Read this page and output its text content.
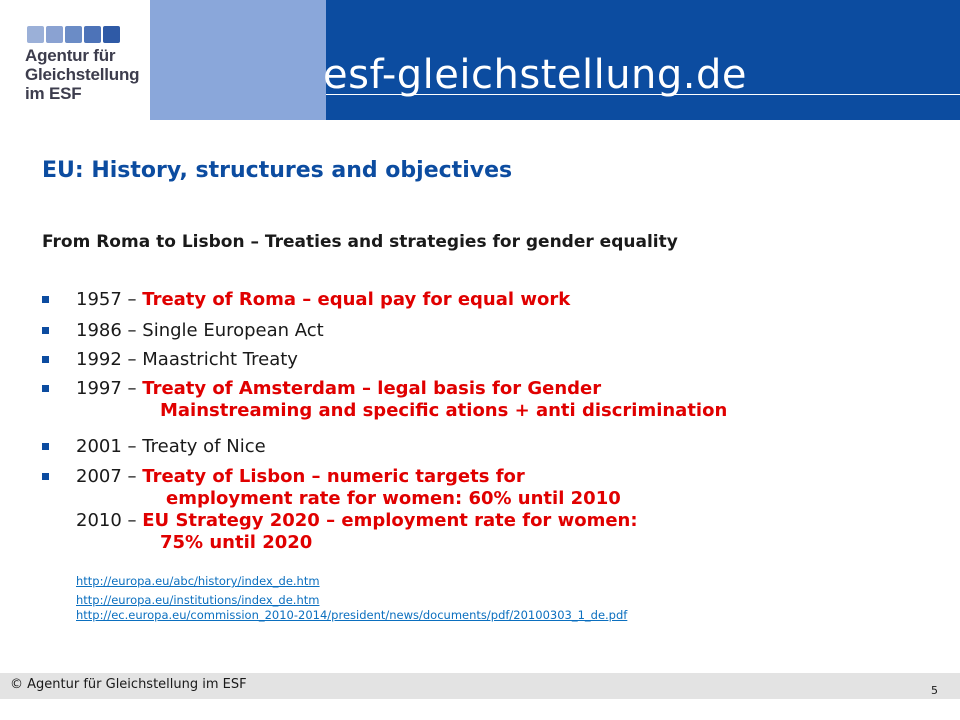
Agentur für
Gleichstellung
im ESF	esf-gleichstellung.de
EU: History, structures and objectives
From Roma to Lisbon – Treaties and strategies for gender equality
1957 – Treaty of Roma – equal pay for equal work
1986 – Single European Act
1992 – Maastricht Treaty
1997 – Treaty of Amsterdam – legal basis for Gender
Mainstreaming and specific ations + anti discrimination
2001 – Treaty of Nice
2007 – Treaty of Lisbon – numeric targets for
employment rate for women: 60% until 2010
2010 – EU Strategy 2020 – employment rate for women:
75% until 2020
http://europa.eu/abc/history/index_de.htm
http://europa.eu/institutions/index_de.htm
http://ec.europa.eu/commission_2010-2014/president/news/documents/pdf/20100303_1_de.pdf
© Agentur für Gleichstellung im ESF	5
